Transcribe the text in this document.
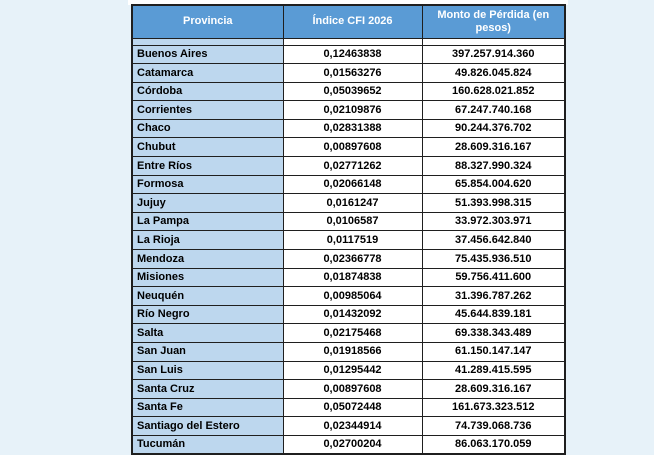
Provincia	Índice CFI 2026	Monto de Pérdida (en pesos)

Buenos Aires	0,12463838	397.257.914.360
Catamarca	0,01563276	49.826.045.824
Córdoba	0,05039652	160.628.021.852
Corrientes	0,02109876	67.247.740.168
Chaco	0,02831388	90.244.376.702
Chubut	0,00897608	28.609.316.167
Entre Ríos	0,02771262	88.327.990.324
Formosa	0,02066148	65.854.004.620
Jujuy	0,0161247	51.393.998.315
La Pampa	0,0106587	33.972.303.971
La Rioja	0,0117519	37.456.642.840
Mendoza	0,02366778	75.435.936.510
Misiones	0,01874838	59.756.411.600
Neuquén	0,00985064	31.396.787.262
Río Negro	0,01432092	45.644.839.181
Salta	0,02175468	69.338.343.489
San Juan	0,01918566	61.150.147.147
San Luis	0,01295442	41.289.415.595
Santa Cruz	0,00897608	28.609.316.167
Santa Fe	0,05072448	161.673.323.512
Santiago del Estero	0,02344914	74.739.068.736
Tucumán	0,02700204	86.063.170.059
